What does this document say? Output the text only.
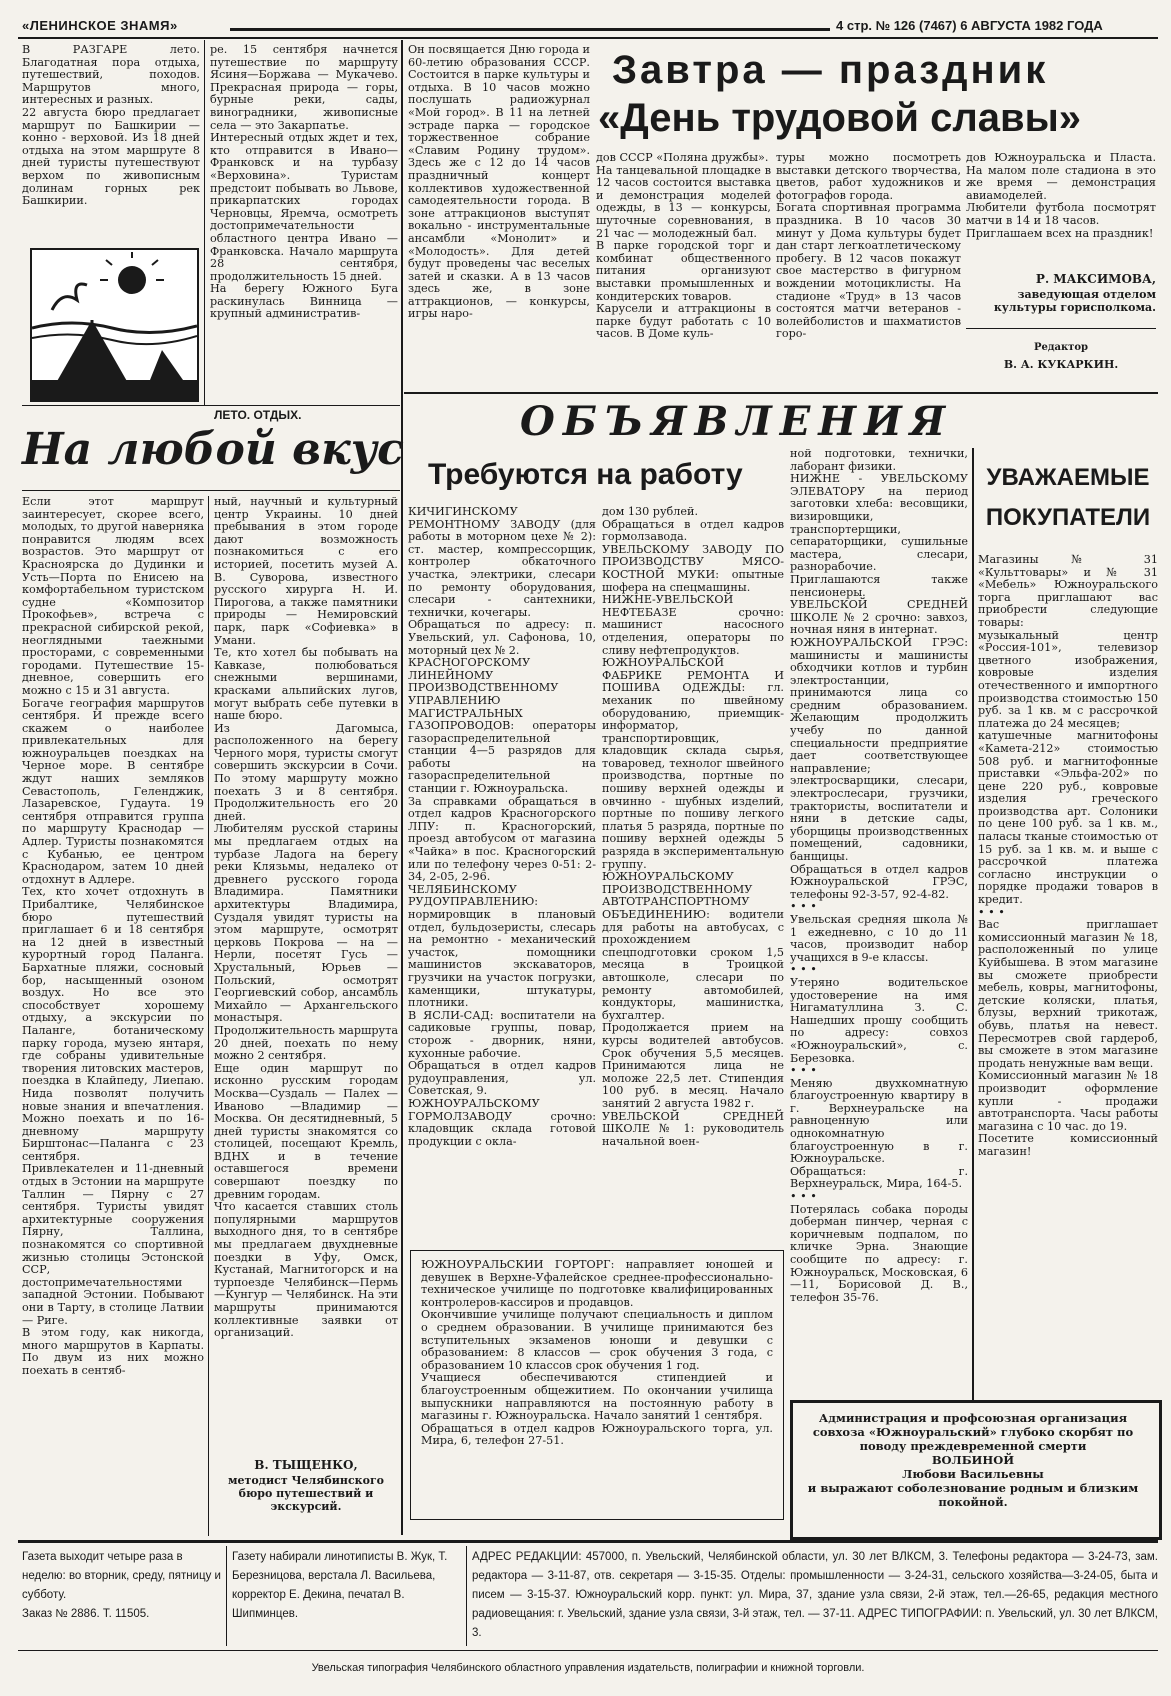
«ЛЕНИНСКОЕ ЗНАМЯ»	4 стр. № 126 (7467) 6 АВГУСТА 1982 ГОДА
В РАЗГАРЕ лето. Благодатная пора отдыха, путешествий, походов. Маршрутов много, интересных и разных.
22 августа бюро предлагает маршрут по Башкирии — конно - верховой. Из 18 дней отдыха на этом маршруте 8 дней туристы путешествуют верхом по живописным долинам горных рек Башкирии.
ре. 15 сентября начнется путешествие по маршруту Ясиня—Боржава — Мукачево. Прекрасная природа — горы, бурные реки, сады, виноградники, живописные села — это Закарпатье.
Интересный отдых ждет и тех, кто отправится в Ивано—Франковск и на турбазу «Верховина». Туристам предстоит побывать во Львове, прикарпатских городах Черновцы, Яремча, осмотреть достопримечательности областного центра Ивано — Франковска. Начало маршрута 28 сентября, продолжительность 15 дней.
На берегу Южного Буга раскинулась Винница — крупный административ-
ЛЕТО. ОТДЫХ.
На любой вкус
Если этот маршрут заинтересует, скорее всего, молодых, то другой наверняка понравится людям всех возрастов. Это маршрут от Красноярска до Дудинки и Усть—Порта по Енисею на комфортабельном туристском судне «Композитор Прокофьев», встреча с прекрасной сибирской рекой, неоглядными таежными просторами, с современными городами. Путешествие 15-дневное, совершить его можно с 15 и 31 августа.
Богаче география маршрутов сентября. И прежде всего скажем о наиболее привлекательных для южноуральцев поездках на Черное море. В сентябре ждут наших земляков Севастополь, Геленджик, Лазаревское, Гудаута. 19 сентября отправится группа по маршруту Краснодар — Адлер. Туристы познакомятся с Кубанью, ее центром Краснодаром, затем 10 дней отдохнут в Адлере.
Тех, кто хочет отдохнуть в Прибалтике, Челябинское бюро путешествий приглашает 6 и 18 сентября на 12 дней в известный курортный город Паланга. Бархатные пляжи, сосновый бор, насыщенный озоном воздух. Но все это способствует хорошему отдыху, а экскурсии по Паланге, ботаническому парку города, музею янтаря, где собраны удивительные творения литовских мастеров, поездка в Клайпеду, Лиепаю. Нида позволят получить новые знания и впечатления. Можно поехать и по 16-дневному маршруту Бирштонас—Паланга с 23 сентября.
Привлекателен и 11-дневный отдых в Эстонии на маршруте Таллин — Пярну с 27 сентября. Туристы увидят архитектурные сооружения Пярну, Таллина, познакомятся со спортивной жизнью столицы Эстонской ССР, достопримечательностями западной Эстонии. Побывают они в Тарту, в столице Латвии — Риге.
В этом году, как никогда, много маршрутов в Карпаты. По двум из них можно поехать в сентяб-
ный, научный и культурный центр Украины. 10 дней пребывания в этом городе дают возможность познакомиться с его историей, посетить музей А. В. Суворова, известного русского хирурга Н. И. Пирогова, а также памятники природы — Немировский парк, парк «Софиевка» в Умани.
Те, кто хотел бы побывать на Кавказе, полюбоваться снежными вершинами, красками альпийских лугов, могут выбрать себе путевки в наше бюро.
Из Дагомыса, расположенного на берегу Черного моря, туристы смогут совершить экскурсии в Сочи. По этому маршруту можно поехать 3 и 8 сентября. Продолжительность его 20 дней.
Любителям русской старины мы предлагаем отдых на турбазе Ладога на берегу реки Клязьмы, недалеко от древнего русского города Владимира. Памятники архитектуры Владимира, Суздаля увидят туристы на этом маршруте, осмотрят церковь Покрова — на — Нерли, посетят Гусь —Хрустальный, Юрьев — Польский, осмотрят Георгиевский собор, ансамбль Михайло — Архангельского монастыря. Продолжительность маршрута 20 дней, поехать по нему можно 2 сентября.
Еще один маршрут по исконно русским городам Москва—Суздаль — Палех —Иваново —Владимир — Москва. Он десятидневный, 5 дней туристы знакомятся со столицей, посещают Кремль, ВДНХ и в течение оставшегося времени совершают поездку по древним городам.
Что касается ставших столь популярными маршрутов выходного дня, то в сентябре мы предлагаем двухдневные поездки в Уфу, Омск, Кустанай, Магнитогорск и на турпоезде Челябинск—Пермь—Кунгур — Челябинск. На эти маршруты принимаются коллективные заявки от организаций.
В. ТЫЩЕНКО,
методист Челябинского бюро путешествий и экскурсий.
Он посвящается Дню города и 60-летию образования СССР. Состоится в парке культуры и отдыха. В 10 часов можно послушать радиожурнал «Мой город». В 11 на летней эстраде парка — городское торжественное собрание «Славим Родину трудом». Здесь же с 12 до 14 часов праздничный концерт коллективов художественной самодеятельности города. В зоне аттракционов выступят вокально - инструментальные ансамбли «Монолит» и «Молодость». Для детей будут проведены час веселых затей и сказки. А в 13 часов здесь же, в зоне аттракционов, — конкурсы, игры наро-
Завтра — праздник
«День трудовой славы»
дов СССР «Поляна дружбы».
На танцевальной площадке в 12 часов состоится выставка и демонстрация моделей одежды, в 13 — конкурсы, шуточные соревнования, в 21 час — молодежный бал.
В парке городской торг и комбинат общественного питания организуют выставки промышленных и кондитерских товаров.
Карусели и аттракционы в парке будут работать с 10 часов. В Доме куль-
туры можно посмотреть выставки детского творчества, цветов, работ художников и фотографов города.
Богата спортивная программа праздника. В 10 часов 30 минут у Дома культуры будет дан старт легкоатлетическому пробегу. В 12 часов покажут свое мастерство в фигурном вождении мотоциклисты. На стадионе «Труд» в 13 часов состоятся матчи ветеранов - волейболистов и шахматистов горо-
дов Южноуральска и Пласта. На малом поле стадиона в это же время — демонстрация авиамоделей.
Любители футбола посмотрят матчи в 14 и 18 часов.
Приглашаем всех на праздник!
Р. МАКСИМОВА,
заведующая отделом культуры горисполкома.
Редактор
В. А. КУКАРКИН.
ОБЪЯВЛЕНИЯ
Требуются на работу
КИЧИГИНСКОМУ РЕМОНТНОМУ ЗАВОДУ (для работы в моторном цехе № 2): ст. мастер, компрессорщик, контролер обкаточного участка, электрики, слесари по ремонту оборудования, слесари - сантехники, технички, кочегары.
Обращаться по адресу: п. Увельский, ул. Сафонова, 10, моторный цех № 2.
КРАСНОГОРСКОМУ ЛИНЕЙНОМУ ПРОИЗВОДСТВЕННОМУ УПРАВЛЕНИЮ МАГИСТРАЛЬНЫХ ГАЗОПРОВОДОВ: операторы газораспределительной станции 4—5 разрядов для работы на газораспределительной станции г. Южноуральска.
За справками обращаться в отдел кадров Красногорского ЛПУ: п. Красногорский, проезд автобусом от магазина «Чайка» в пос. Красногорский или по телефону через 0-51: 2-34, 2-05, 2-96.
ЧЕЛЯБИНСКОМУ РУДОУПРАВЛЕНИЮ: нормировщик в плановый отдел, бульдозеристы, слесарь на ремонтно - механический участок, помощники машинистов экскаваторов, грузчики на участок погрузки, каменщики, штукатуры, плотники.
В ЯСЛИ-САД: воспитатели на садиковые группы, повар, сторож - дворник, няни, кухонные рабочие.
Обращаться в отдел кадров рудоуправления, ул. Советская, 9.
ЮЖНОУРАЛЬСКОМУ ГОРМОЛЗАВОДУ срочно: кладовщик склада готовой продукции с окла-
дом 130 рублей.
Обращаться в отдел кадров гормолзавода.
УВЕЛЬСКОМУ ЗАВОДУ ПО ПРОИЗВОДСТВУ МЯСО-КОСТНОЙ МУКИ: опытные шофера на спецмашины.
НИЖНЕ-УВЕЛЬСКОЙ НЕФТЕБАЗЕ срочно: машинист насосного отделения, операторы по сливу нефтепродуктов.
ЮЖНОУРАЛЬСКОЙ ФАБРИКЕ РЕМОНТА И ПОШИВА ОДЕЖДЫ: гл. механик по швейному оборудованию, приемщик-информатор, транспортировщик, кладовщик склада сырья, товаровед, технолог швейного производства, портные по пошиву верхней одежды и овчинно - шубных изделий, портные по пошиву легкого платья 5 разряда, портные по пошиву верхней одежды 5 разряда в экспериментальную группу.
ЮЖНОУРАЛЬСКОМУ ПРОИЗВОДСТВЕННОМУ АВТОТРАНСПОРТНОМУ ОБЪЕДИНЕНИЮ: водители для работы на автобусах, с прохождением спецподготовки сроком 1,5 месяца в Троицкой автошколе, слесари по ремонту автомобилей, кондукторы, машинистка, бухгалтер.
Продолжается прием на курсы водителей автобусов. Срок обучения 5,5 месяцев. Принимаются лица не моложе 22,5 лет. Стипендия 100 руб. в месяц. Начало занятий 2 августа 1982 г.
УВЕЛЬСКОЙ СРЕДНЕЙ ШКОЛЕ № 1: руководитель начальной воен-
ной подготовки, технички, лаборант физики.
НИЖНЕ - УВЕЛЬСКОМУ ЭЛЕВАТОРУ на период заготовки хлеба: весовщики, визировщики, транспортерщики, сепараторщики, сушильные мастера, слесари, разнорабочие. Приглашаются также пенсионеры.
УВЕЛЬСКОЙ СРЕДНЕЙ ШКОЛЕ № 2 срочно: завхоз, ночная няня в интернат.
ЮЖНОУРАЛЬСКОЙ ГРЭС: машинисты и машинисты обходчики котлов и турбин электростанции, принимаются лица со средним образованием. Желающим продолжить учебу по данной специальности предприятие дает соответствующее направление; электросварщики, слесари, электрослесари, грузчики, трактористы, воспитатели и няни в детские сады, уборщицы производственных помещений, садовники, банщицы.
Обращаться в отдел кадров Южноуральской ГРЭС, телефоны 92-3-57, 92-4-82.
• • •
Увельская средняя школа № 1 ежедневно, с 10 до 11 часов, производит набор учащихся в 9-е классы.
• • •
Утеряно водительское удостоверение на имя Нигаматуллина З. С. Нашедших прошу сообщить по адресу: совхоз «Южноуральский», с. Березовка.
• • •
Меняю двухкомнатную благоустроенную квартиру в г. Верхнеуральске на равноценную или однокомнатную благоустроенную в г. Южноуральске.
Обращаться: г. Верхнеуральск, Мира, 164-5.
• • •
Потерялась собака породы доберман пинчер, черная с коричневым подпалом, по кличке Эрна. Знающие сообщите по адресу: г. Южноуральск, Московская, 6—11, Борисовой Д. В., телефон 35-76.
ЮЖНОУРАЛЬСКИЙ ГОРТОРГ: направляет юношей и девушек в Верхне-Уфалейское среднее-профессионально-техническое училище по подготовке квалифицированных контролеров-кассиров и продавцов.
Окончившие училище получают специальность и диплом о среднем образовании. В училище принимаются без вступительных экзаменов юноши и девушки с образованием: 8 классов — срок обучения 3 года, с образованием 10 классов срок обучения 1 год.
Учащиеся обеспечиваются стипендией и благоустроенным общежитием. По окончании училища выпускники направляются на постоянную работу в магазины г. Южноуральска. Начало занятий 1 сентября.
Обращаться в отдел кадров Южноуральского торга, ул. Мира, 6, телефон 27-51.
УВАЖАЕМЫЕ ПОКУПАТЕЛИ
Магазины № 31 «Культтовары» и № 31 «Мебель» Южноуральского торга приглашают вас приобрести следующие товары:
музыкальный центр «Россия-101», телевизор цветного изображения, ковровые изделия отечественного и импортного производства стоимостью 150 руб. за 1 кв. м с рассрочкой платежа до 24 месяцев;
катушечные магнитофоны «Камета-212» стоимостью 508 руб. и магнитофонные приставки «Эльфа-202» по цене 220 руб., ковровые изделия греческого производства арт. Солоники по цене 100 руб. за 1 кв. м., паласы тканые стоимостью от 15 руб. за 1 кв. м. и выше с рассрочкой платежа согласно инструкции о порядке продажи товаров в кредит.
• • •
Вас приглашает комиссионный магазин № 18, расположенный по улице Куйбышева. В этом магазине вы сможете приобрести мебель, ковры, магнитофоны, детские коляски, платья, блузы, верхний трикотаж, обувь, платья на невест. Пересмотрев свой гардероб, вы сможете в этом магазине продать ненужные вам вещи.
Комиссионный магазин № 18 производит оформление купли - продажи автотранспорта. Часы работы магазина с 10 час. до 19.
Посетите комиссионный магазин!
Администрация и профсоюзная организация совхоза «Южноуральский» глубоко скорбят по поводу преждевременной смерти
ВОЛБИНОЙ
Любови Васильевны
и выражают соболезнование родным и близким покойной.
Газета выходит четыре раза в неделю: во вторник, среду, пятницу и субботу.
Заказ № 2886. Т. 11505.
Газету набирали линотиписты В. Жук, Т. Березницова, верстала Л. Васильева, корректор Е. Декина, печатал В. Шипминцев.
АДРЕС РЕДАКЦИИ: 457000, п. Увельский, Челябинской области, ул. 30 лет ВЛКСМ, 3. Телефоны редактора — 3-24-73, зам. редактора — 3-11-87, отв. секретаря — 3-15-35. Отделы: промышленности — 3-24-31, сельского хозяйства—3-24-05, быта и писем — 3-15-37. Южноуральский корр. пункт: ул. Мира, 37, здание узла связи, 2-й этаж, тел.—26-65, редакция местного радиовещания: г. Увельский, здание узла связи, 3-й этаж, тел. — 37-11. АДРЕС ТИПОГРАФИИ: п. Увельский, ул. 30 лет ВЛКСМ, 3.
Увельская типография Челябинского областного управления издательств, полиграфии и книжной торговли.
